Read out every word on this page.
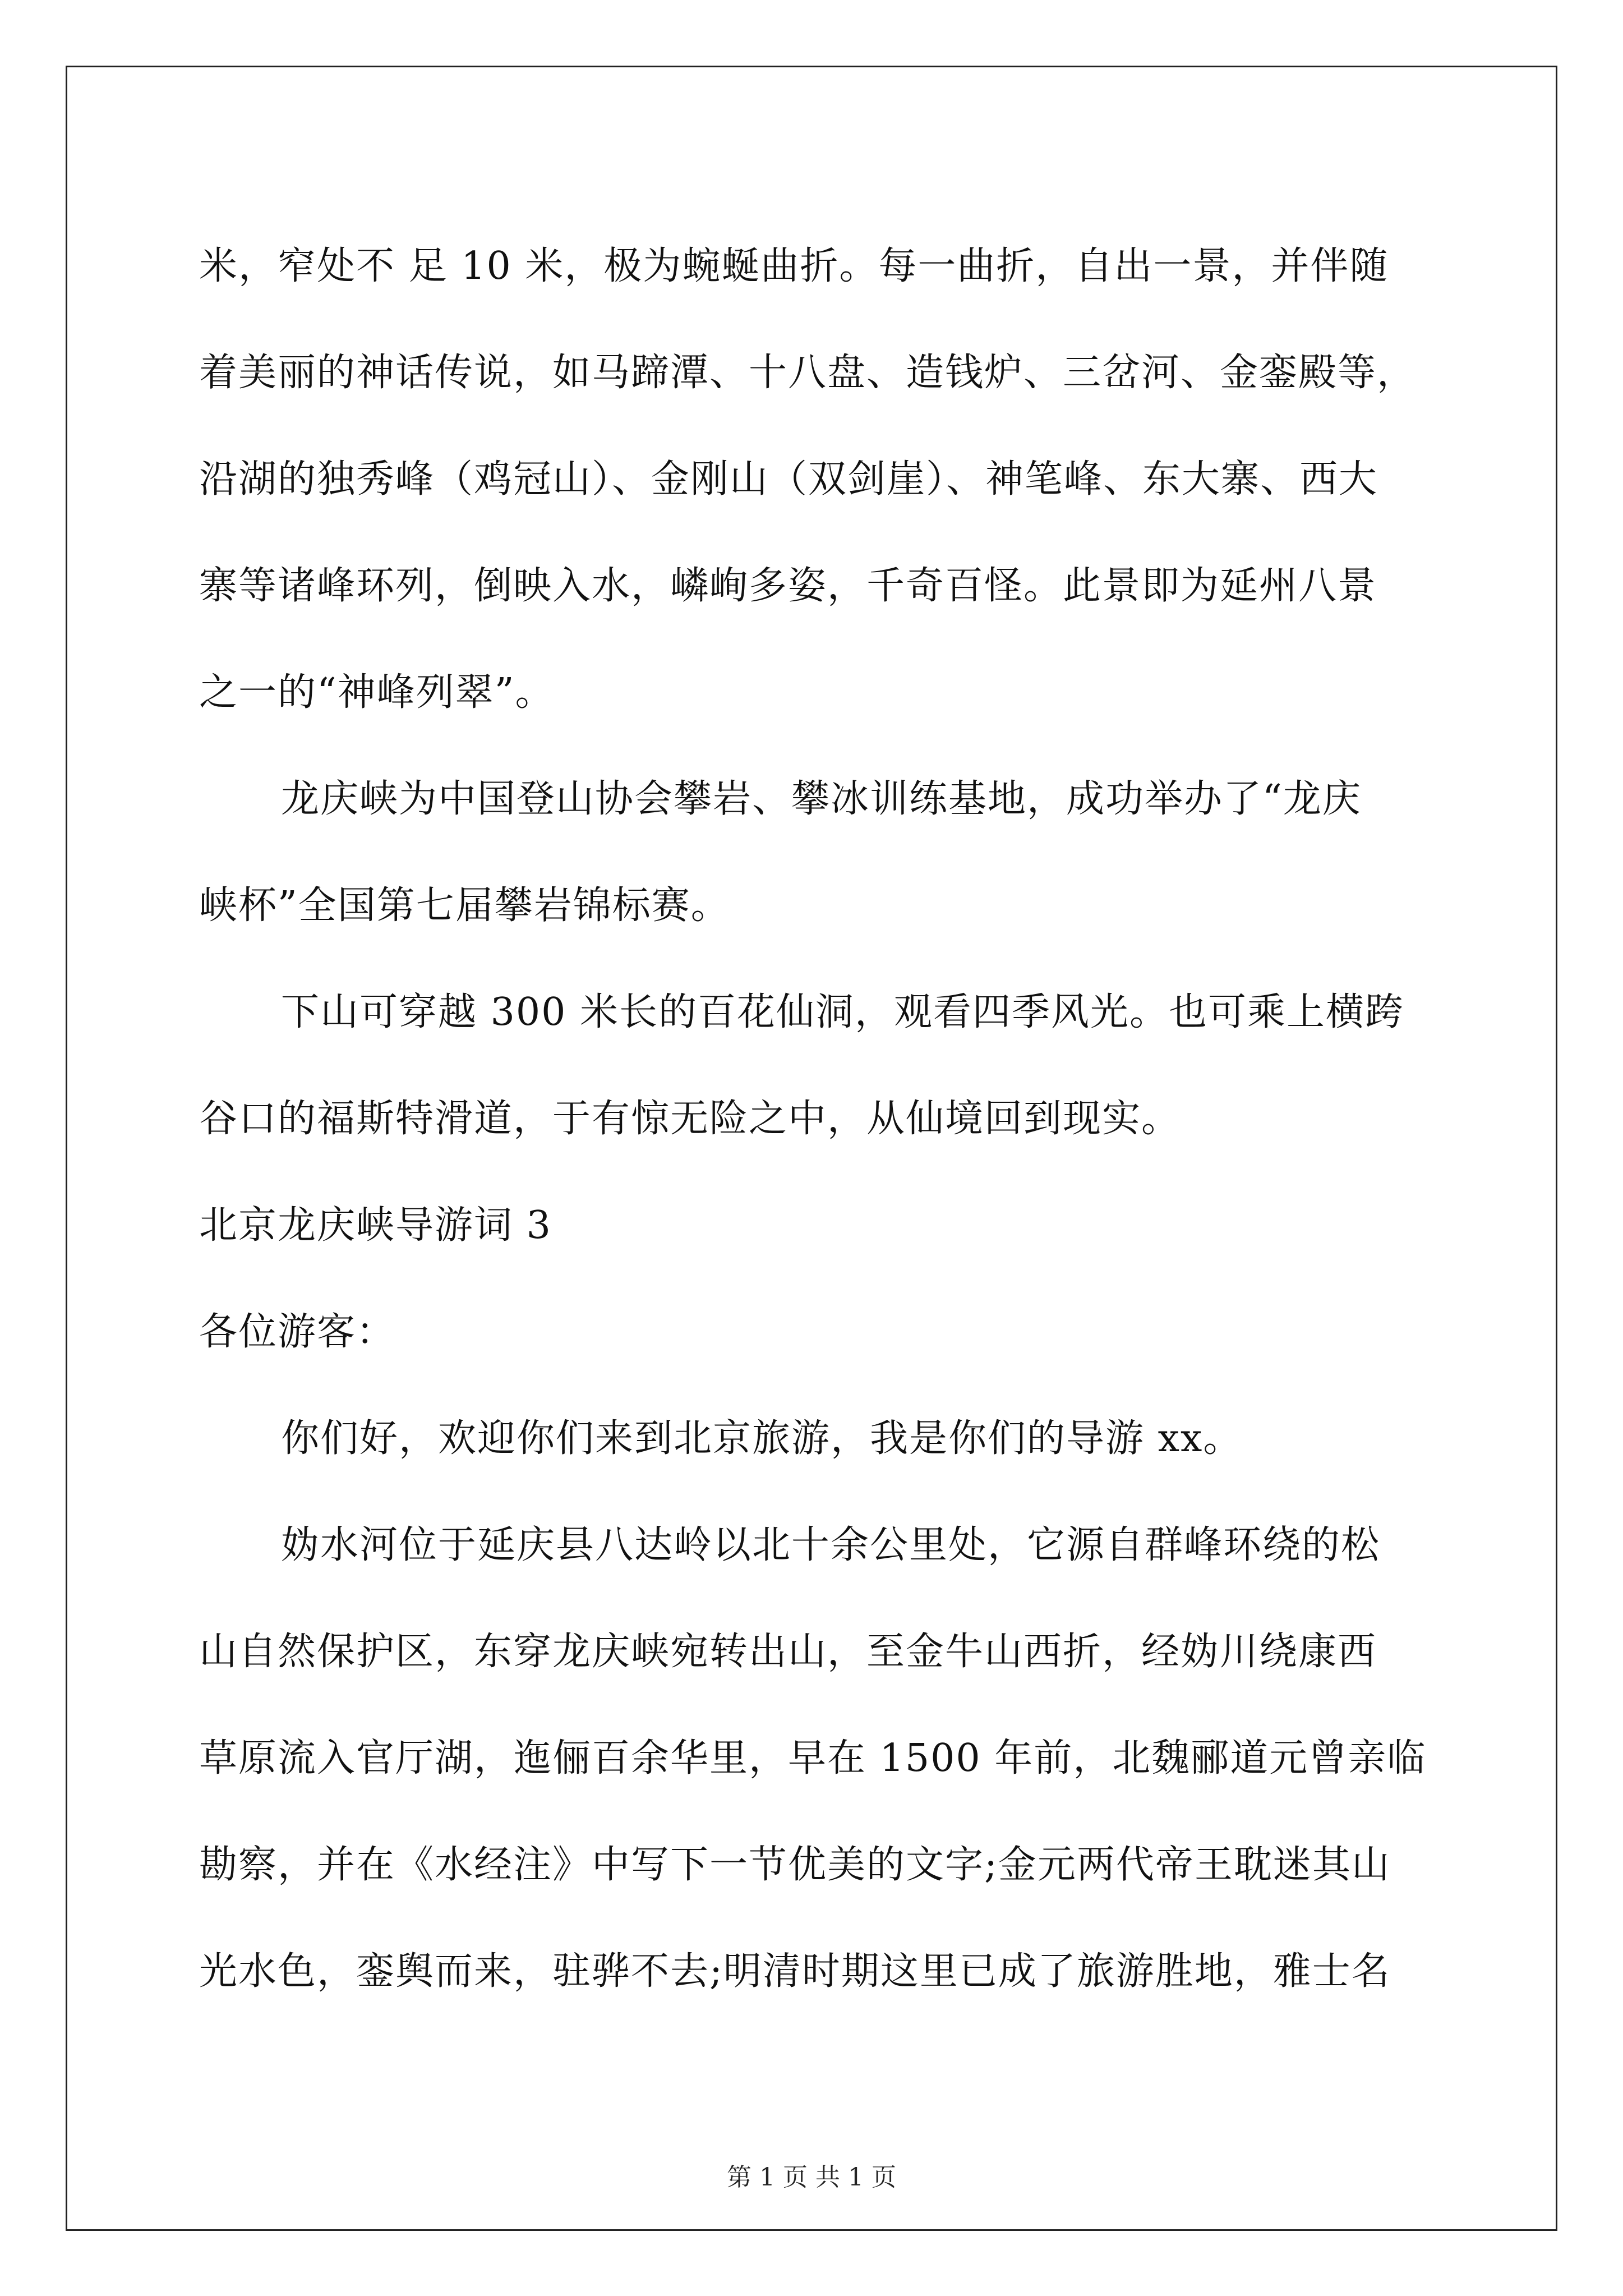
米，窄处不 足 10 米，极为蜿蜒曲折。每一曲折，自出一景，并伴随
着美丽的神话传说，如马蹄潭、十八盘、造钱炉、三岔河、金銮殿等，
沿湖的独秀峰（鸡冠山）、金刚山（双剑崖）、神笔峰、东大寨、西大
寨等诸峰环列，倒映入水，嶙峋多姿，千奇百怪。此景即为延州八景
之一的“神峰列翠”。
龙庆峡为中国登山协会攀岩、攀冰训练基地，成功举办了“龙庆
峡杯”全国第七届攀岩锦标赛。
下山可穿越 300 米长的百花仙洞，观看四季风光。也可乘上横跨
谷口的福斯特滑道，于有惊无险之中，从仙境回到现实。
北京龙庆峡导游词 3
各位游客：
你们好，欢迎你们来到北京旅游，我是你们的导游 xx。
妫水河位于延庆县八达岭以北十余公里处，它源自群峰环绕的松
山自然保护区，东穿龙庆峡宛转出山，至金牛山西折，经妫川绕康西
草原流入官厅湖，迤俪百余华里，早在 1500 年前，北魏郦道元曾亲临
勘察，并在《水经注》中写下一节优美的文字;金元两代帝王耽迷其山
光水色，銮舆而来，驻骅不去;明清时期这里已成了旅游胜地，雅士名
第 1 页 共 1 页
